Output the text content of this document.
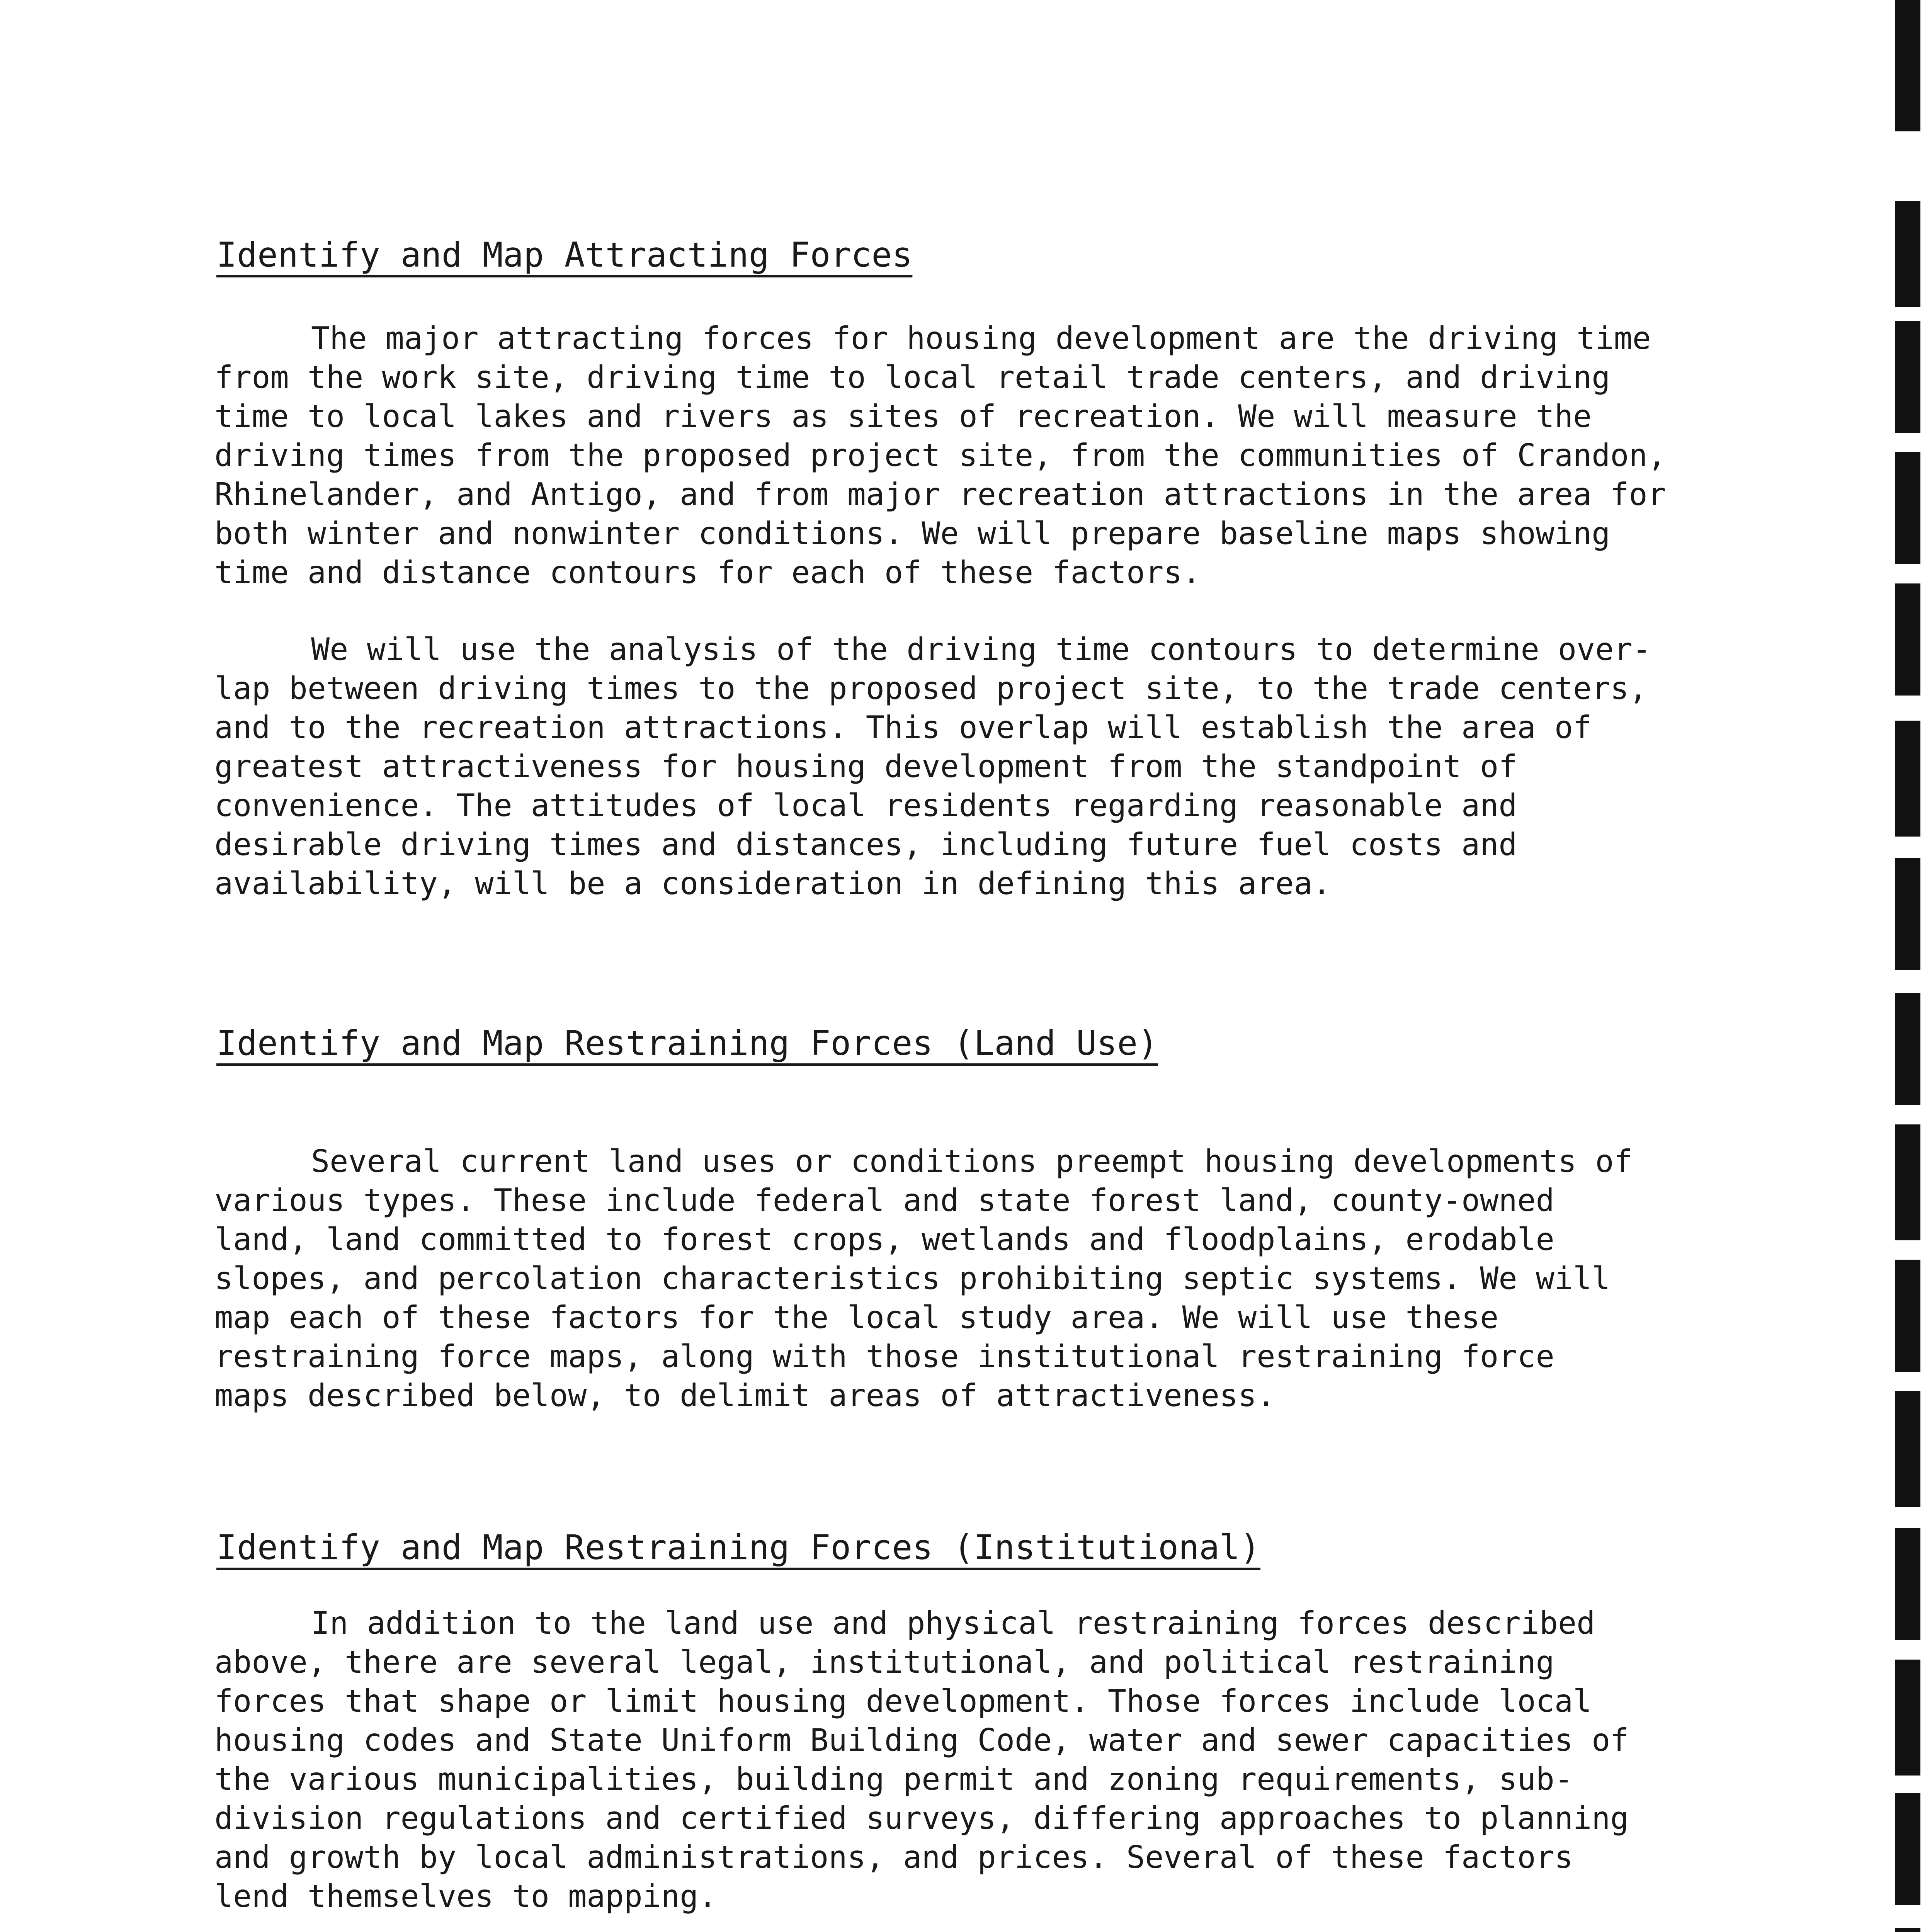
Identify and Map Attracting Forces

The major attracting forces for housing development are the driving time
from the work site, driving time to local retail trade centers, and driving
time to local lakes and rivers as sites of recreation. We will measure the
driving times from the proposed project site, from the communities of Crandon,
Rhinelander, and Antigo, and from major recreation attractions in the area for
both winter and nonwinter conditions. We will prepare baseline maps showing
time and distance contours for each of these factors.

We will use the analysis of the driving time contours to determine over-
lap between driving times to the proposed project site, to the trade centers,
and to the recreation attractions. This overlap will establish the area of
greatest attractiveness for housing development from the standpoint of
convenience. The attitudes of local residents regarding reasonable and
desirable driving times and distances, including future fuel costs and
availability, will be a consideration in defining this area.

Identify and Map Restraining Forces (Land Use)

Several current land uses or conditions preempt housing developments of
various types. These include federal and state forest land, county-owned
land, land committed to forest crops, wetlands and floodplains, erodable
slopes, and percolation characteristics prohibiting septic systems. We will
map each of these factors for the local study area. We will use these
restraining force maps, along with those institutional restraining force
maps described below, to delimit areas of attractiveness.

Identify and Map Restraining Forces (Institutional)

In addition to the land use and physical restraining forces described
above, there are several legal, institutional, and political restraining
forces that shape or limit housing development. Those forces include local
housing codes and State Uniform Building Code, water and sewer capacities of
the various municipalities, building permit and zoning requirements, sub-
division regulations and certified surveys, differing approaches to planning
and growth by local administrations, and prices. Several of these factors
lend themselves to mapping.
